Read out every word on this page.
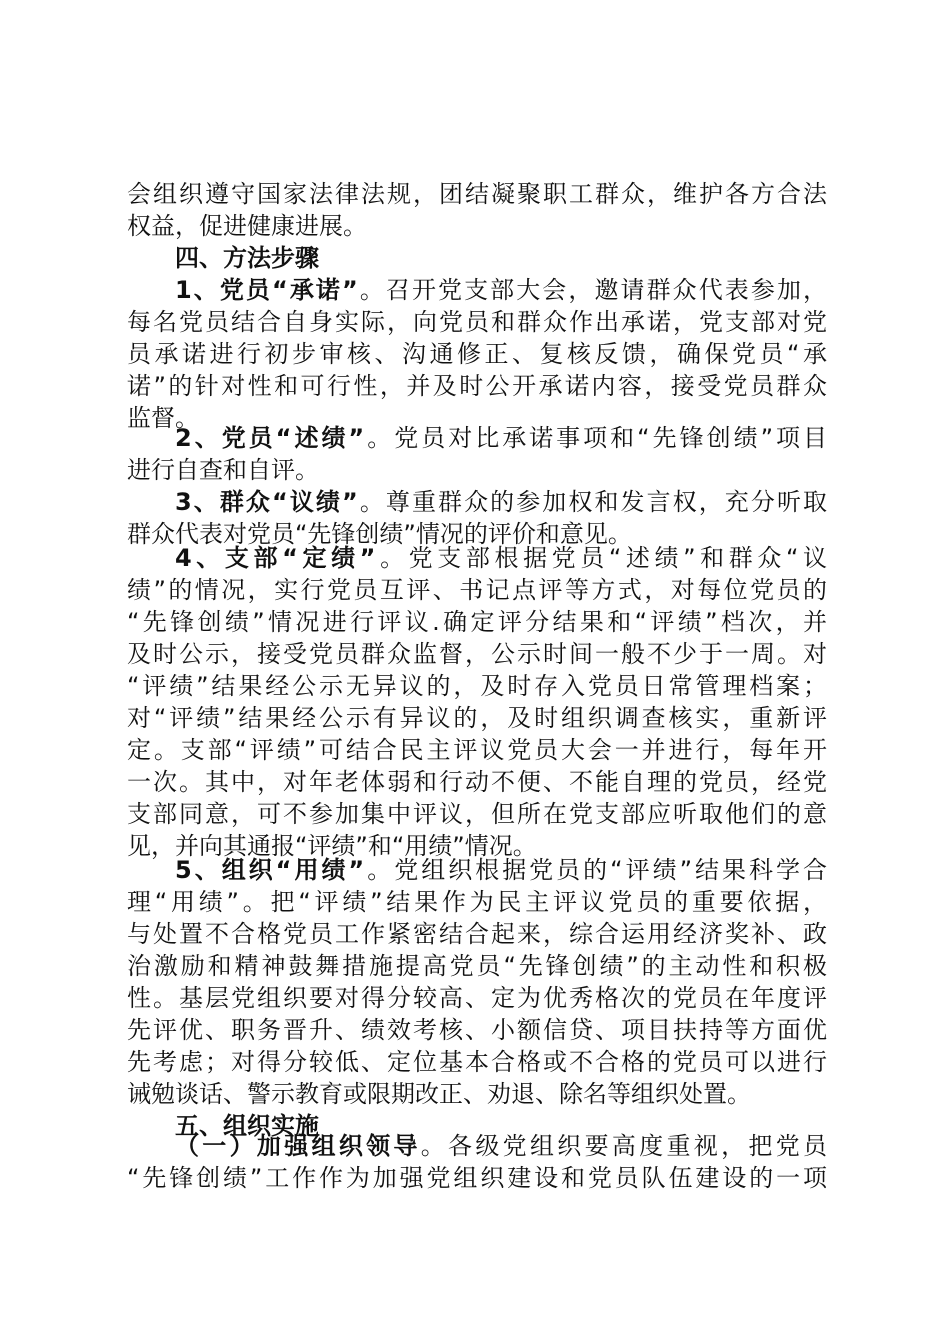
会组织遵守国家法律法规，团结凝聚职工群众，维护各方合法
权益，促进健康进展。
四、方法步骤
1、党员“承诺”。召开党支部大会，邀请群众代表参加，
每名党员结合自身实际，向党员和群众作出承诺，党支部对党
员承诺进行初步审核、沟通修正、复核反馈，确保党员“承
诺”的针对性和可行性，并及时公开承诺内容，接受党员群众
监督。
2、党员“述绩”。党员对比承诺事项和“先锋创绩”项目
进行自查和自评。
3、群众“议绩”。尊重群众的参加权和发言权，充分听取
群众代表对党员“先锋创绩”情况的评价和意见。
4、支部“定绩”。党支部根据党员“述绩”和群众“议
绩”的情况，实行党员互评、书记点评等方式，对每位党员的
“先锋创绩”情况进行评议.确定评分结果和“评绩”档次，并
及时公示，接受党员群众监督，公示时间一般不少于一周。对
“评绩”结果经公示无异议的，及时存入党员日常管理档案；
对“评绩”结果经公示有异议的，及时组织调查核实，重新评
定。支部“评绩”可结合民主评议党员大会一并进行，每年开
一次。其中，对年老体弱和行动不便、不能自理的党员，经党
支部同意，可不参加集中评议，但所在党支部应听取他们的意
见，并向其通报“评绩”和“用绩”情况。
5、组织“用绩”。党组织根据党员的“评绩”结果科学合
理“用绩”。把“评绩”结果作为民主评议党员的重要依据，
与处置不合格党员工作紧密结合起来，综合运用经济奖补、政
治激励和精神鼓舞措施提高党员“先锋创绩”的主动性和积极
性。基层党组织要对得分较高、定为优秀格次的党员在年度评
先评优、职务晋升、绩效考核、小额信贷、项目扶持等方面优
先考虑；对得分较低、定位基本合格或不合格的党员可以进行
诫勉谈话、警示教育或限期改正、劝退、除名等组织处置。
五、组织实施
（一）加强组织领导。各级党组织要高度重视，把党员
“先锋创绩”工作作为加强党组织建设和党员队伍建设的一项
